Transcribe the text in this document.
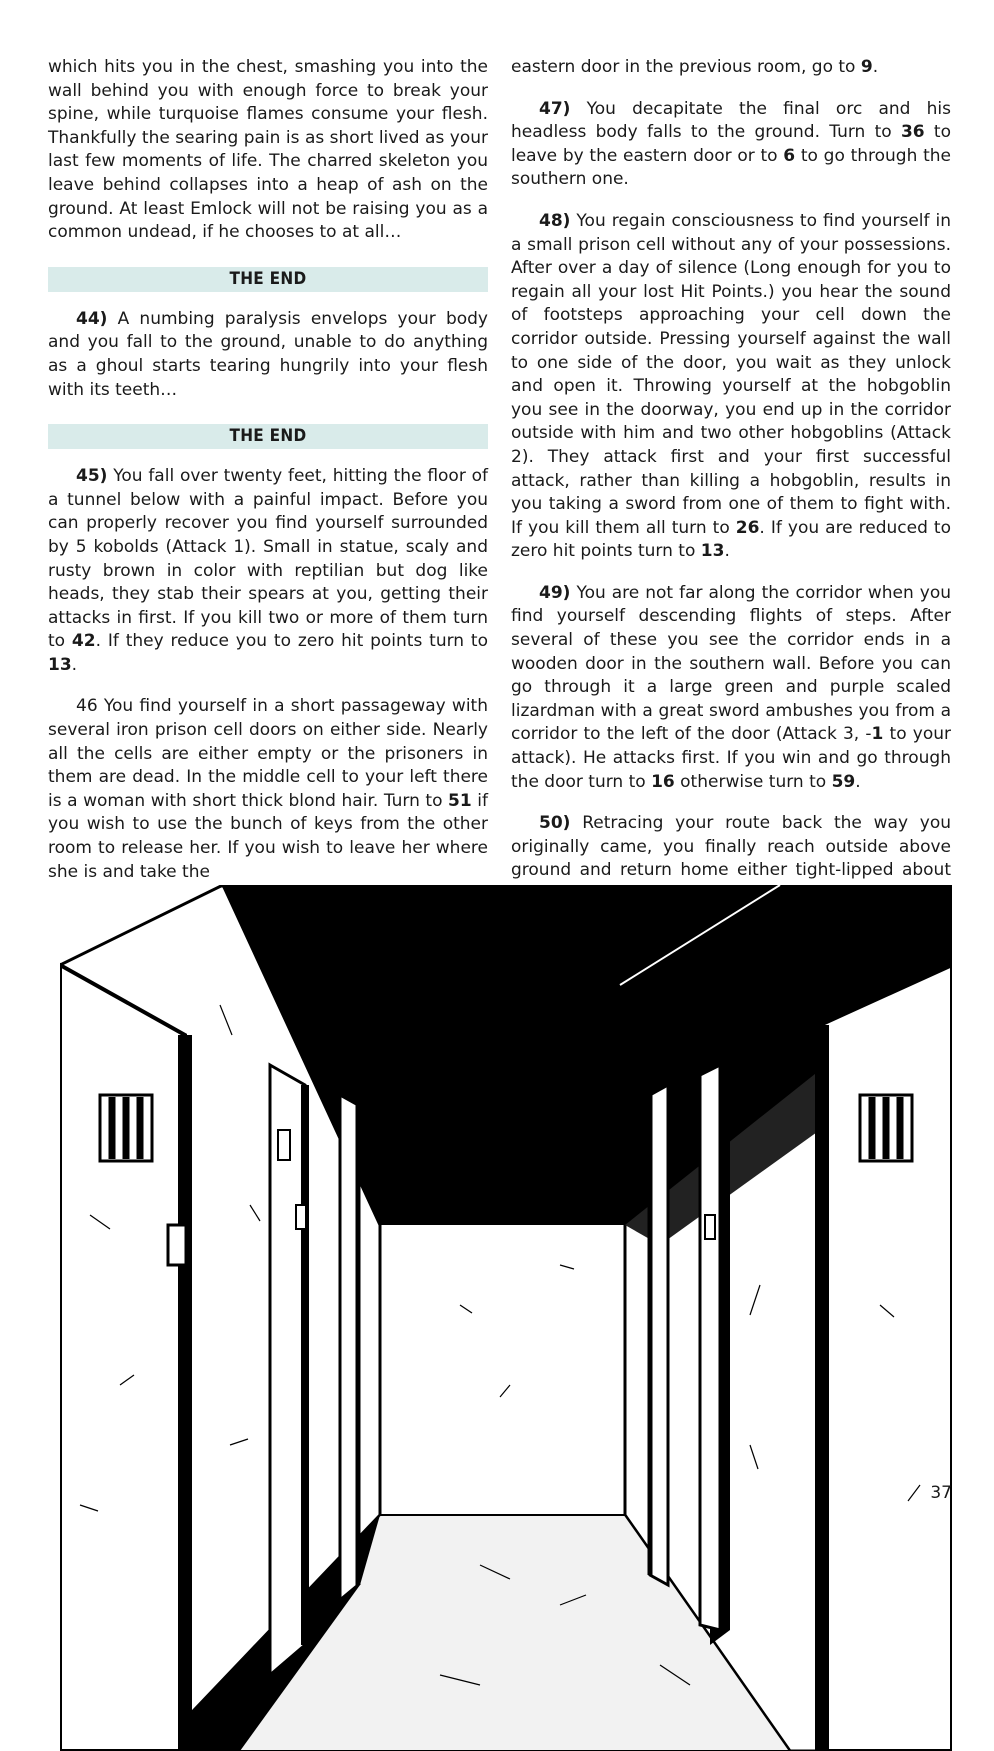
which hits you in the chest, smashing you into the wall behind you with enough force to break your spine, while turquoise flames consume your flesh. Thankfully the searing pain is as short lived as your last few moments of life. The charred skeleton you leave behind collapses into a heap of ash on the ground. At least Emlock will not be raising you as a common undead, if he chooses to at all…

THE END

44) A numbing paralysis envelops your body and you fall to the ground, unable to do anything as a ghoul starts tearing hungrily into your flesh with its teeth…

THE END

45) You fall over twenty feet, hitting the floor of a tunnel below with a painful impact. Before you can properly recover you find yourself surrounded by 5 kobolds (Attack 1). Small in statue, scaly and rusty brown in color with reptilian but dog like heads, they stab their spears at you, getting their attacks in first. If you kill two or more of them turn to 42. If they reduce you to zero hit points turn to 13.

46 You find yourself in a short passageway with several iron prison cell doors on either side. Nearly all the cells are either empty or the prisoners in them are dead. In the middle cell to your left there is a woman with short thick blond hair. Turn to 51 if you wish to use the bunch of keys from the other room to release her. If you wish to leave her where she is and take the

eastern door in the previous room, go to 9.

47) You decapitate the final orc and his headless body falls to the ground. Turn to 36 to leave by the eastern door or to 6 to go through the southern one.

48) You regain consciousness to find yourself in a small prison cell without any of your possessions. After over a day of silence (Long enough for you to regain all your lost Hit Points.) you hear the sound of footsteps approaching your cell down the corridor outside. Pressing yourself against the wall to one side of the door, you wait as they unlock and open it. Throwing yourself at the hobgoblin you see in the doorway, you end up in the corridor outside with him and two other hobgoblins (Attack 2). They attack first and your first successful attack, rather than killing a hobgoblin, results in you taking a sword from one of them to fight with. If you kill them all turn to 26. If you are reduced to zero hit points turn to 13.

49) You are not far along the corridor when you find yourself descending flights of steps. After several of these you see the corridor ends in a wooden door in the southern wall. Before you can go through it a large green and purple scaled lizardman with a great sword ambushes you from a corridor to the left of the door (Attack 3, -1 to your attack). He attacks first. If you win and go through the door turn to 16 otherwise turn to 59.

50) Retracing your route back the way you originally came, you finally reach outside above ground and return home either tight-lipped about

37
